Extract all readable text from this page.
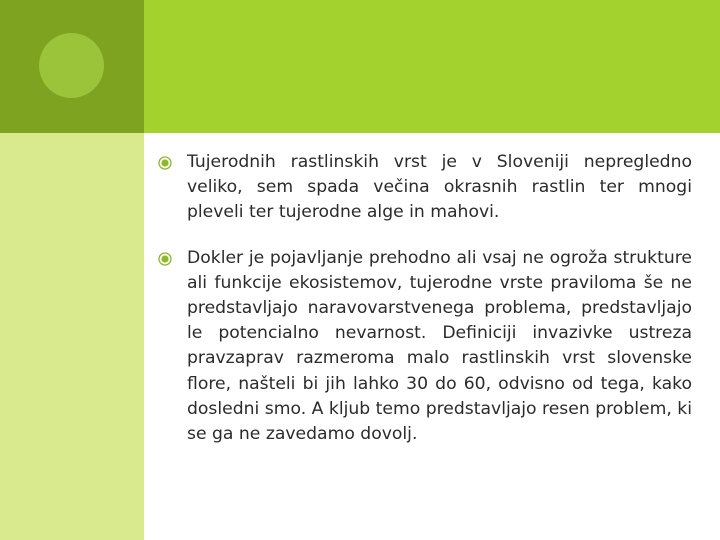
Tujerodnih rastlinskih vrst je v Sloveniji nepregledno veliko, sem spada večina okrasnih rastlin ter mnogi pleveli ter tujerodne alge in mahovi.
Dokler je pojavljanje prehodno ali vsaj ne ogroža strukture ali funkcije ekosistemov, tujerodne vrste praviloma še ne predstavljajo naravovarstvenega problema, predstavljajo le potencialno nevarnost. Definiciji invazivke ustreza pravzaprav razmeroma malo rastlinskih vrst slovenske flore, našteli bi jih lahko 30 do 60, odvisno od tega, kako dosledni smo. A kljub temo predstavljajo resen problem, ki se ga ne zavedamo dovolj.
